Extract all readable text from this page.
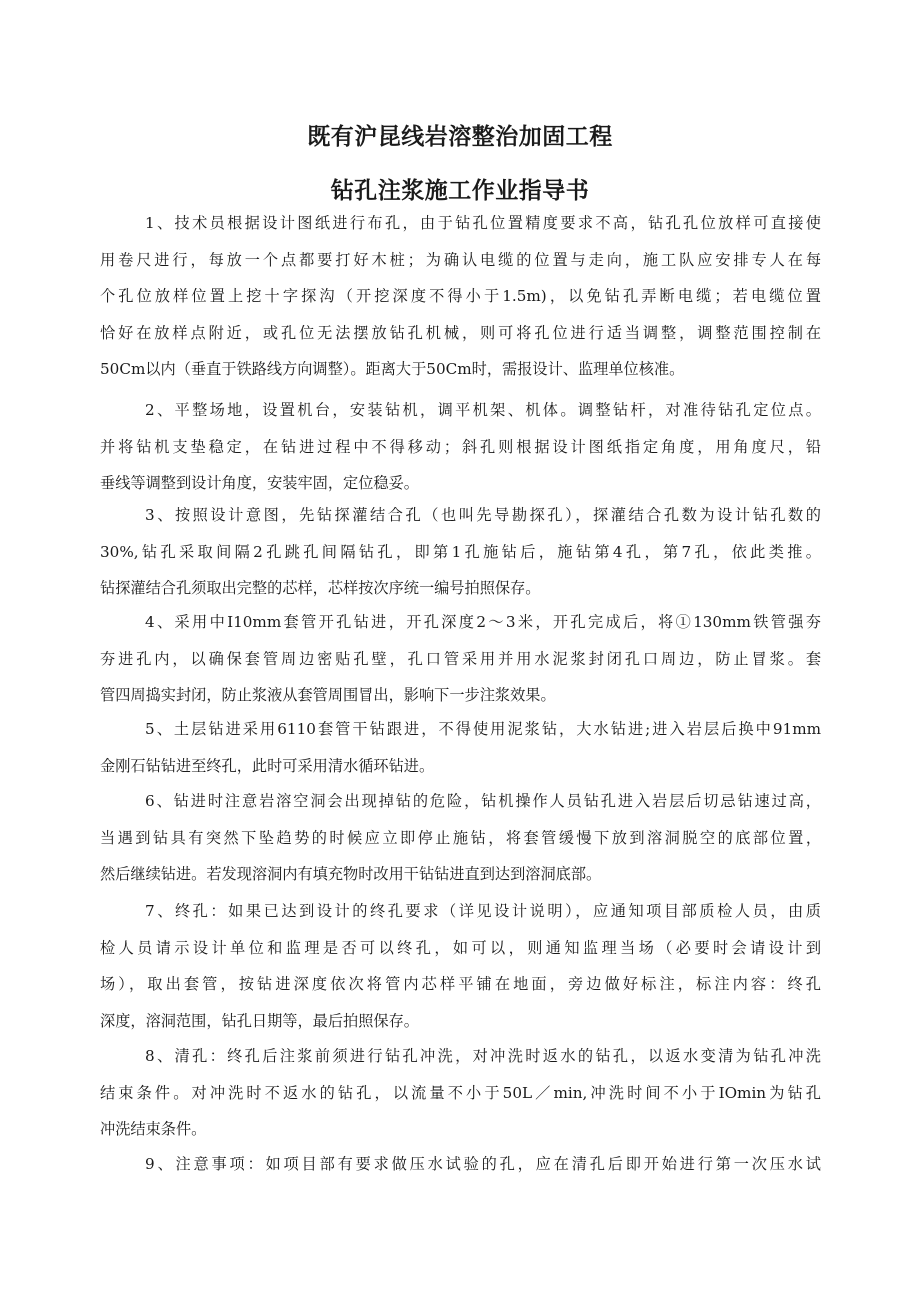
既有沪昆线岩溶整治加固工程
钻孔注浆施工作业指导书
1、技术员根据设计图纸进行布孔，由于钻孔位置精度要求不高，钻孔孔位放样可直接使
用卷尺进行，每放一个点都要打好木桩；为确认电缆的位置与走向，施工队应安排专人在每
个孔位放样位置上挖十字探沟（开挖深度不得小于1.5m)，以免钻孔弄断电缆；若电缆位置
恰好在放样点附近，或孔位无法摆放钻孔机械，则可将孔位进行适当调整，调整范围控制在
50Cm以内（垂直于铁路线方向调整）。距离大于50Cm时，需报设计、监理单位核准。
2、平整场地，设置机台，安装钻机，调平机架、机体。调整钻杆，对准待钻孔定位点。
并将钻机支垫稳定，在钻进过程中不得移动；斜孔则根据设计图纸指定角度，用角度尺，铅
垂线等调整到设计角度，安装牢固，定位稳妥。
3、按照设计意图，先钻探灌结合孔（也叫先导勘探孔），探灌结合孔数为设计钻孔数的
30%,钻孔采取间隔2孔跳孔间隔钻孔，即第1孔施钻后，施钻第4孔，第7孔，依此类推。
钻探灌结合孔须取出完整的芯样，芯样按次序统一编号拍照保存。
4、采用中I10mm套管开孔钻进，开孔深度2〜3米，开孔完成后，将①130mm铁管强夯
夯进孔内，以确保套管周边密贴孔壁，孔口管采用并用水泥浆封闭孔口周边，防止冒浆。套
管四周捣实封闭，防止浆液从套管周围冒出，影响下一步注浆效果。
5、土层钻进采用6110套管干钻跟进，不得使用泥浆钻，大水钻进;进入岩层后换中91mm
金刚石钻钻进至终孔，此时可采用清水循环钻进。
6、钻进时注意岩溶空洞会出现掉钻的危险，钻机操作人员钻孔进入岩层后切忌钻速过高，
当遇到钻具有突然下坠趋势的时候应立即停止施钻，将套管缓慢下放到溶洞脱空的底部位置，
然后继续钻进。若发现溶洞内有填充物时改用干钻钻进直到达到溶洞底部。
7、终孔：如果已达到设计的终孔要求（详见设计说明），应通知项目部质检人员，由质
检人员请示设计单位和监理是否可以终孔，如可以，则通知监理当场（必要时会请设计到
场），取出套管，按钻进深度依次将管内芯样平铺在地面，旁边做好标注，标注内容：终孔
深度，溶洞范围，钻孔日期等，最后拍照保存。
8、清孔：终孔后注浆前须进行钻孔冲洗，对冲洗时返水的钻孔，以返水变清为钻孔冲洗
结束条件。对冲洗时不返水的钻孔，以流量不小于50L／min,冲洗时间不小于IOmin为钻孔
冲洗结束条件。
9、注意事项：如项目部有要求做压水试验的孔，应在清孔后即开始进行第一次压水试
